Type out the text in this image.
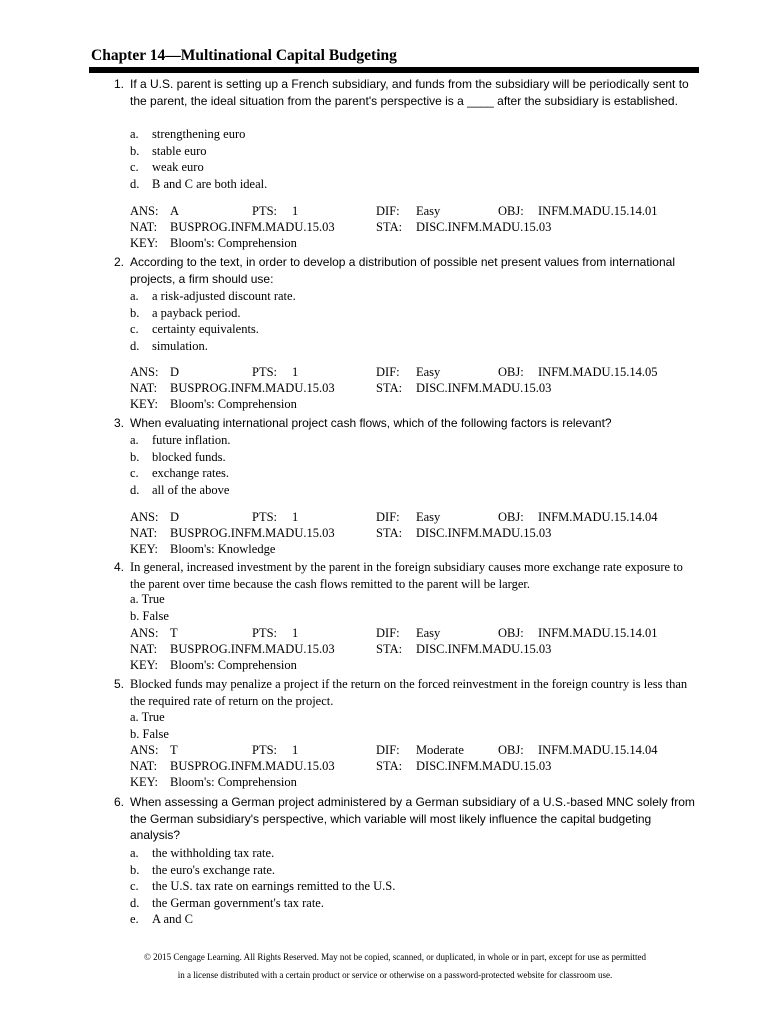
Chapter 14—Multinational Capital Budgeting
1. If a U.S. parent is setting up a French subsidiary, and funds from the subsidiary will be periodically sent to the parent, the ideal situation from the parent's perspective is a ____ after the subsidiary is established.
a.	strengthening euro
b.	stable euro
c.	weak euro
d.	B and C are both ideal.
ANS: A	PTS: 1	DIF: Easy	OBJ: INFM.MADU.15.14.01
NAT: BUSPROG.INFM.MADU.15.03	STA: DISC.INFM.MADU.15.03
KEY: Bloom's: Comprehension
2. According to the text, in order to develop a distribution of possible net present values from international projects, a firm should use:
a.	a risk-adjusted discount rate.
b.	a payback period.
c.	certainty equivalents.
d.	simulation.
ANS: D	PTS: 1	DIF: Easy	OBJ: INFM.MADU.15.14.05
NAT: BUSPROG.INFM.MADU.15.03	STA: DISC.INFM.MADU.15.03
KEY: Bloom's: Comprehension
3. When evaluating international project cash flows, which of the following factors is relevant?
a.	future inflation.
b.	blocked funds.
c.	exchange rates.
d.	all of the above
ANS: D	PTS: 1	DIF: Easy	OBJ: INFM.MADU.15.14.04
NAT: BUSPROG.INFM.MADU.15.03	STA: DISC.INFM.MADU.15.03
KEY: Bloom's: Knowledge
4. In general, increased investment by the parent in the foreign subsidiary causes more exchange rate exposure to the parent over time because the cash flows remitted to the parent will be larger.
a. True
b. False
ANS: T	PTS: 1	DIF: Easy	OBJ: INFM.MADU.15.14.01
NAT: BUSPROG.INFM.MADU.15.03	STA: DISC.INFM.MADU.15.03
KEY: Bloom's: Comprehension
5. Blocked funds may penalize a project if the return on the forced reinvestment in the foreign country is less than the required rate of return on the project.
a. True
b. False
ANS: T	PTS: 1	DIF: Moderate	OBJ: INFM.MADU.15.14.04
NAT: BUSPROG.INFM.MADU.15.03	STA: DISC.INFM.MADU.15.03
KEY: Bloom's: Comprehension
6. When assessing a German project administered by a German subsidiary of a U.S.-based MNC solely from the German subsidiary's perspective, which variable will most likely influence the capital budgeting analysis?
a.	the withholding tax rate.
b.	the euro's exchange rate.
c.	the U.S. tax rate on earnings remitted to the U.S.
d.	the German government's tax rate.
e.	A and C
© 2015 Cengage Learning. All Rights Reserved. May not be copied, scanned, or duplicated, in whole or in part, except for use as permitted
in a license distributed with a certain product or service or otherwise on a password-protected website for classroom use.
